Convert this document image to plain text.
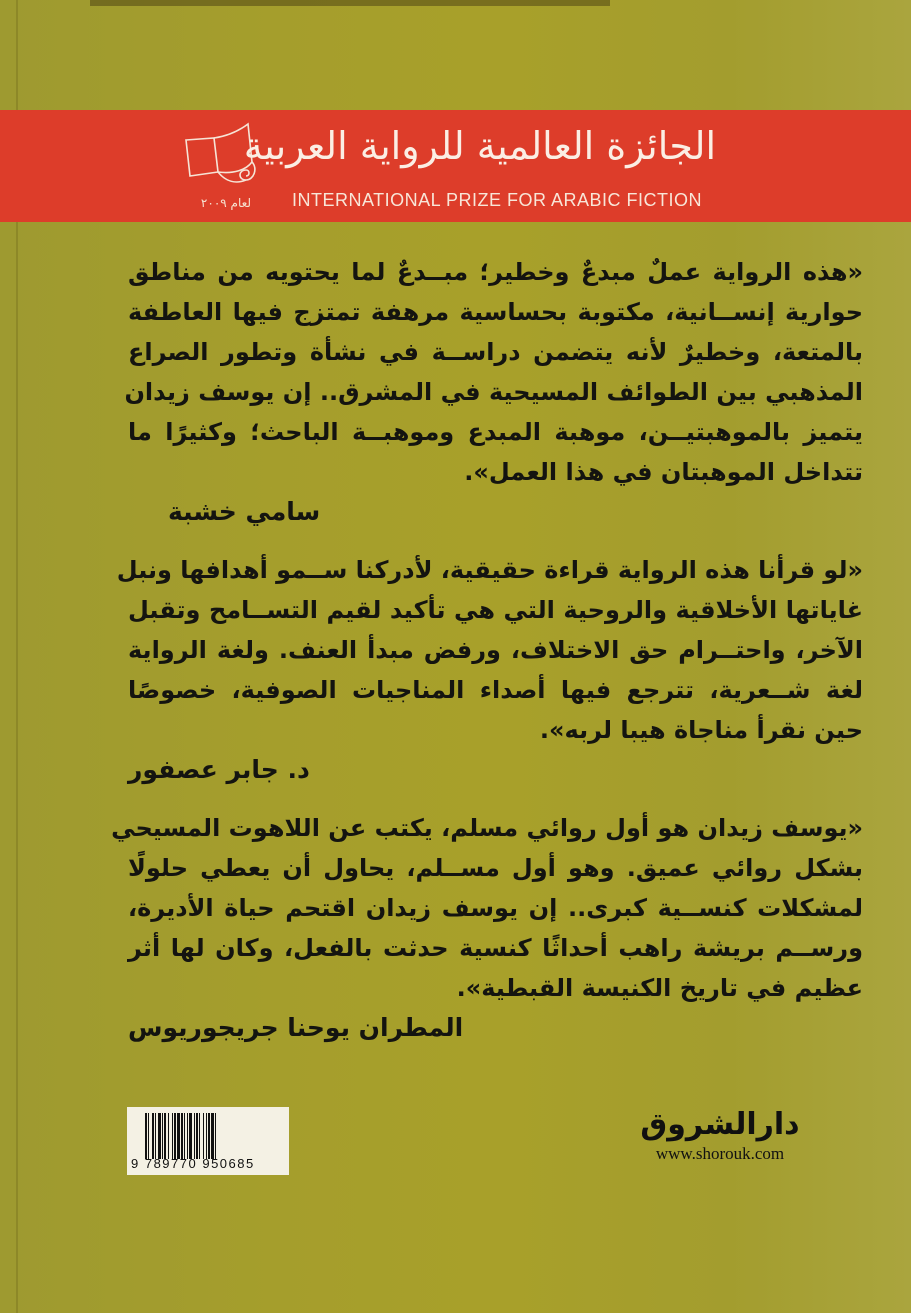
لعام ٢٠٠٩
الجائزة العالمية للرواية العربية
INTERNATIONAL PRIZE FOR ARABIC FICTION
«هذه الرواية عملٌ مبدعٌ وخطير؛ مبــدعٌ لما يحتويه من مناطق
حوارية إنســانية، مكتوبة بحساسية مرهفة تمتزج فيها العاطفة
بالمتعة، وخطيرٌ لأنه يتضمن دراســة في نشأة وتطور الصراع
المذهبي بين الطوائف المسيحية في المشرق.. إن يوسف زيدان
يتميز بالموهبتيــن، موهبة المبدع وموهبــة الباحث؛ وكثيرًا ما
تتداخل الموهبتان في هذا العمل».
سامي خشبة
«لو قرأنا هذه الرواية قراءة حقيقية، لأدركنا ســمو أهدافها ونبل
غاياتها الأخلاقية والروحية التي هي تأكيد لقيم التســامح وتقبل
الآخر، واحتــرام حق الاختلاف، ورفض مبدأ العنف. ولغة الرواية
لغة شــعرية، تترجع فيها أصداء المناجيات الصوفية، خصوصًا
حين نقرأ مناجاة هيبا لربه».
د. جابر عصفور
«يوسف زيدان هو أول روائي مسلم، يكتب عن اللاهوت المسيحي
بشكل روائي عميق. وهو أول مســلم، يحاول أن يعطي حلولًا
لمشكلات كنســية كبرى.. إن يوسف زيدان اقتحم حياة الأديرة،
ورســم بريشة راهب أحداثًا كنسية حدثت بالفعل، وكان لها أثر
عظيم في تاريخ الكنيسة القبطية».
المطران يوحنا جريجوريوس
9 789770 950685
دارالشروق
www.shorouk.com
